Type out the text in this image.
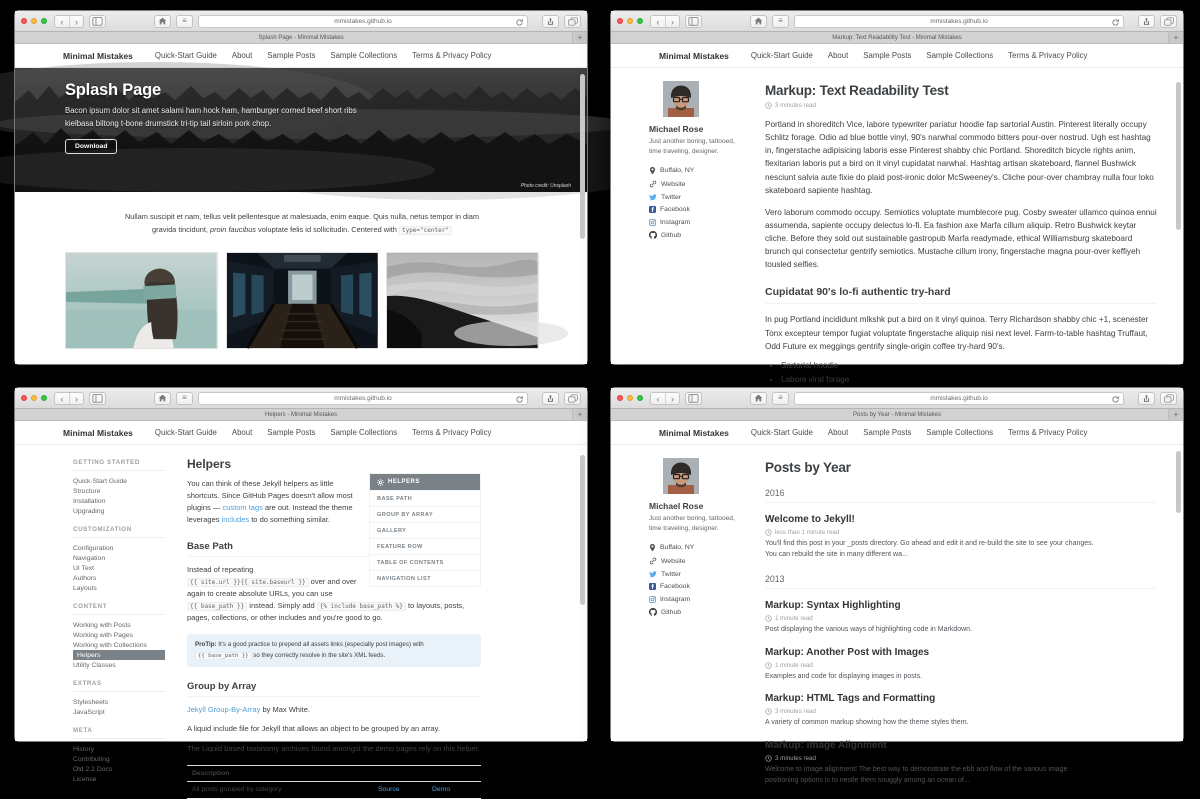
‹	›	≡	mmistakes.github.io
Splash Page - Minimal Mistakes	+
Minimal Mistakes	Quick-Start Guide About Sample Posts Sample Collections Terms & Privacy Policy
Splash Page
Bacon ipsum dolor sit amet salami ham hock ham, hamburger corned beef short ribs kielbasa biltong t-bone drumstick tri-tip tail sirloin pork chop.
Download
Photo credit: Unsplash

Nullam suscipit et nam, tellus velit pellentesque at malesuada, enim eaque. Quis nulla, netus tempor in diam gravida tincidunt, proin faucibus voluptate felis id sollicitudin. Centered with type="center"

‹	›	≡	mmistakes.github.io
Markup: Text Readability Test - Minimal Mistakes	+
Minimal Mistakes	Quick-Start Guide About Sample Posts Sample Collections Terms & Privacy Policy
Michael Rose
Just another boring, tattooed, time traveling, designer.
Buffalo, NY
Website
Twitter
Facebook
Instagram
Github
Markup: Text Readability Test
3 minutes read

Portland in shoreditch Vice, labore typewriter pariatur hoodie fap sartorial Austin. Pinterest literally occupy Schlitz forage. Odio ad blue bottle vinyl, 90's narwhal commodo bitters pour-over nostrud. Ugh est hashtag in, fingerstache adipisicing laboris esse Pinterest shabby chic Portland. Shoreditch bicycle rights anim, flexitarian laboris put a bird on it vinyl cupidatat narwhal. Hashtag artisan skateboard, flannel Bushwick nesciunt salvia aute fixie do plaid post-ironic dolor McSweeney's. Cliche pour-over chambray nulla four loko skateboard sapiente hashtag.

Vero laborum commodo occupy. Semiotics voluptate mumblecore pug. Cosby sweater ullamco quinoa ennui assumenda, sapiente occupy delectus lo-fi. Ea fashion axe Marfa cillum aliquip. Retro Bushwick keytar cliche. Before they sold out sustainable gastropub Marfa readymade, ethical Williamsburg skateboard brunch qui consectetur gentrify semiotics. Mustache cillum irony, fingerstache magna pour-over keffiyeh tousled selfies.

Cupidatat 90's lo-fi authentic try-hard

In pug Portland incididunt mlkshk put a bird on it vinyl quinoa. Terry Richardson shabby chic +1, scenester Tonx excepteur tempor fugiat voluptate fingerstache aliquip nisi next level. Farm-to-table hashtag Truffaut, Odd Future ex meggings gentrify single-origin coffee try-hard 90's.

• Sartorial hoodie
• Labore viral forage
•
•
‹	›	≡	mmistakes.github.io
Helpers - Minimal Mistakes	+
Minimal Mistakes	Quick-Start Guide About Sample Posts Sample Collections Terms & Privacy Policy
GETTING STARTED
Quick-Start Guide
Structure
Installation
Upgrading
CUSTOMIZATION
Configuration
Navigation
UI Text
Authors
Layouts
CONTENT
Working with Posts
Working with Pages
Working with Collections
Helpers
Utility Classes
EXTRAS
Stylesheets
JavaScript
META
History
Contributing
Old 2.2 Docs
License
Helpers
HELPERS
BASE PATH
GROUP BY ARRAY
GALLERY
FEATURE ROW
TABLE OF CONTENTS
NAVIGATION LIST

You can think of these Jekyll helpers as little shortcuts. Since GitHub Pages doesn't allow most plugins — custom tags are out. Instead the theme leverages includes to do something similar.

Base Path

Instead of repeating {{ site.url }}{{ site.baseurl }} over and over again to create absolute URLs, you can use {{ base_path }} instead. Simply add {% include base_path %} to layouts, posts, pages, collections, or other includes and you're good to go.

ProTip: It's a good practice to prepend all assets links (especially post images) with {{ base_path }} so they correctly resolve in the site's XML feeds.
Group by Array

Jekyll Group-By-Array by Max White.

A liquid include file for Jekyll that allows an object to be grouped by an array.

The Liquid based taxonomy archives found amongst the demo pages rely on this helper.

Description		
All posts grouped by category	Source	Demo
‹	›	≡	mmistakes.github.io
Posts by Year - Minimal Mistakes	+
Minimal Mistakes	Quick-Start Guide About Sample Posts Sample Collections Terms & Privacy Policy
Michael Rose
Just another boring, tattooed, time traveling, designer.
Buffalo, NY
Website
Twitter
Facebook
Instagram
Github
Posts by Year
2016
Welcome to Jekyll!
less than 1 minute read
You'll find this post in your _posts directory. Go ahead and edit it and re-build the site to see your changes. You can rebuild the site in many different wa...
2013
Markup: Syntax Highlighting
1 minute read
Post displaying the various ways of highlighting code in Markdown.
Markup: Another Post with Images
1 minute read
Examples and code for displaying images in posts.
Markup: HTML Tags and Formatting
3 minutes read
A variety of common markup showing how the theme styles them.
Markup: Image Alignment
3 minutes read
Welcome to image alignment! The best way to demonstrate the ebb and flow of the various image positioning options is to nestle them snuggly among an ocean of...
